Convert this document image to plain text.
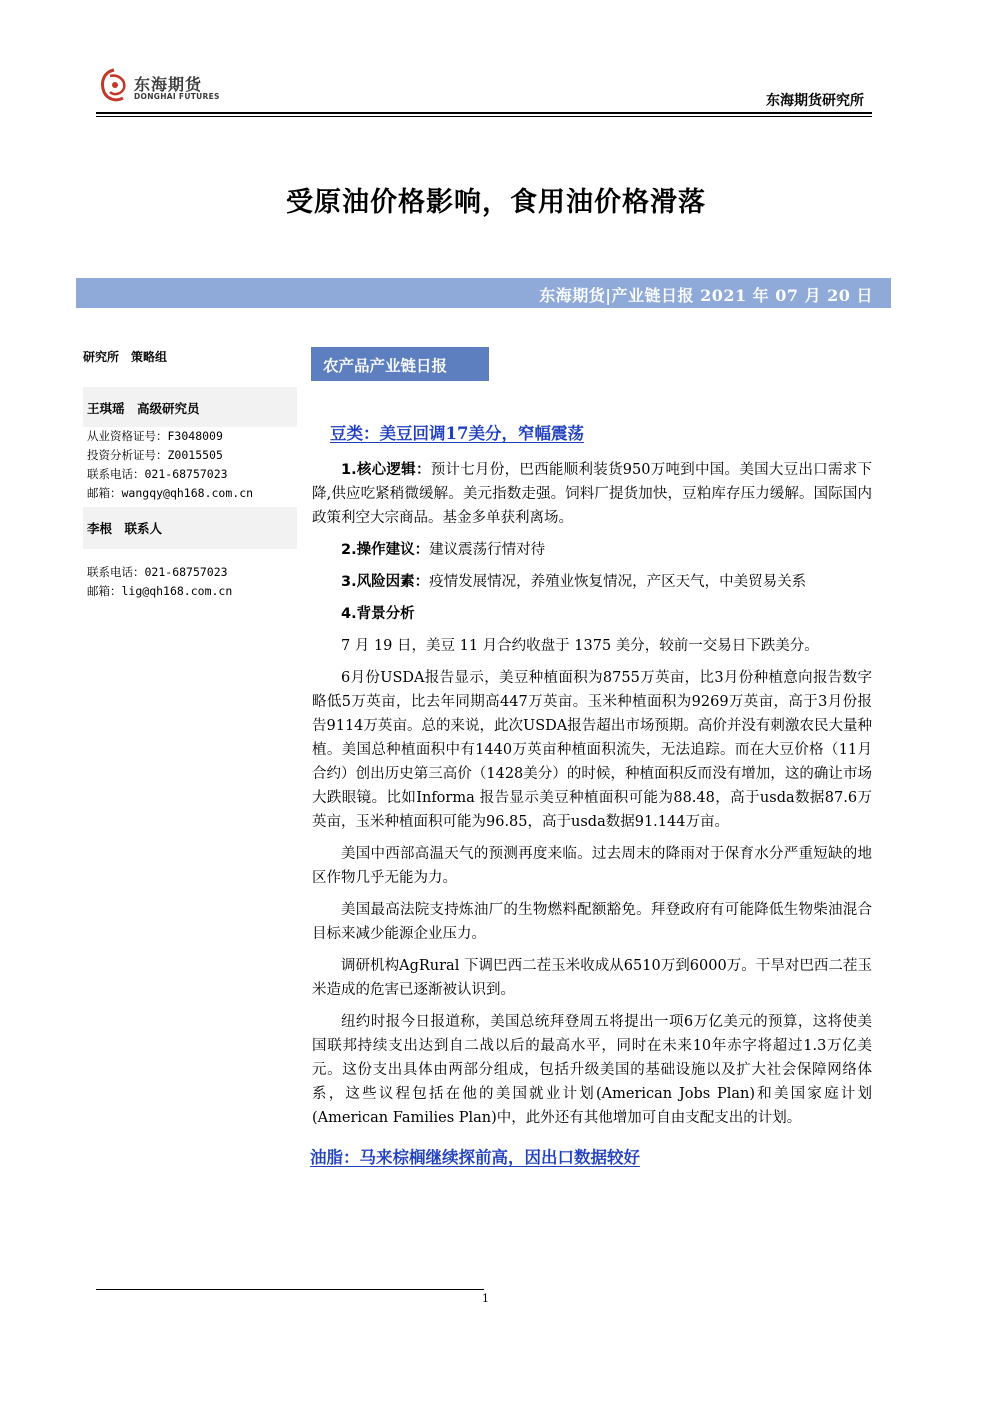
东海期货
DONGHAI FUTURES	东海期货研究所
受原油价格影响，食用油价格滑落
东海期货|产业链日报 2021 年 07 月 20 日
研究所　策略组
王琪瑶　高级研究员
从业资格证号：F3048009
投资分析证号：Z0015505
联系电话：021-68757023
邮箱：wangqy@qh168.com.cn
李根　联系人
联系电话：021-68757023
邮箱：lig@qh168.com.cn
农产品产业链日报
豆类：美豆回调17美分，窄幅震荡
1.核心逻辑：预计七月份，巴西能顺利装货950万吨到中国。美国大豆出口需求下降,供应吃紧稍微缓解。美元指数走强。饲料厂提货加快，豆粕库存压力缓解。国际国内政策利空大宗商品。基金多单获利离场。
2.操作建议：建议震荡行情对待
3.风险因素：疫情发展情况，养殖业恢复情况，产区天气，中美贸易关系
4.背景分析
7 月 19 日，美豆 11 月合约收盘于 1375 美分，较前一交易日下跌美分。
6月份USDA报告显示，美豆种植面积为8755万英亩，比3月份种植意向报告数字略低5万英亩，比去年同期高447万英亩。玉米种植面积为9269万英亩，高于3月份报告9114万英亩。总的来说，此次USDA报告超出市场预期。高价并没有刺激农民大量种植。美国总种植面积中有1440万英亩种植面积流失，无法追踪。而在大豆价格（11月合约）创出历史第三高价（1428美分）的时候，种植面积反而没有增加，这的确让市场大跌眼镜。比如Informa 报告显示美豆种植面积可能为88.48，高于usda数据87.6万英亩，玉米种植面积可能为96.85，高于usda数据91.144万亩。
美国中西部高温天气的预测再度来临。过去周末的降雨对于保育水分严重短缺的地区作物几乎无能为力。
美国最高法院支持炼油厂的生物燃料配额豁免。拜登政府有可能降低生物柴油混合目标来减少能源企业压力。
调研机构AgRural 下调巴西二茬玉米收成从6510万到6000万。干旱对巴西二茬玉米造成的危害已逐渐被认识到。
纽约时报今日报道称，美国总统拜登周五将提出一项6万亿美元的预算，这将使美国联邦持续支出达到自二战以后的最高水平，同时在未来10年赤字将超过1.3万亿美元。这份支出具体由两部分组成，包括升级美国的基础设施以及扩大社会保障网络体系，这些议程包括在他的美国就业计划(American Jobs Plan)和美国家庭计划(American Families Plan)中，此外还有其他增加可自由支配支出的计划。
油脂：马来棕榈继续探前高，因出口数据较好
1
